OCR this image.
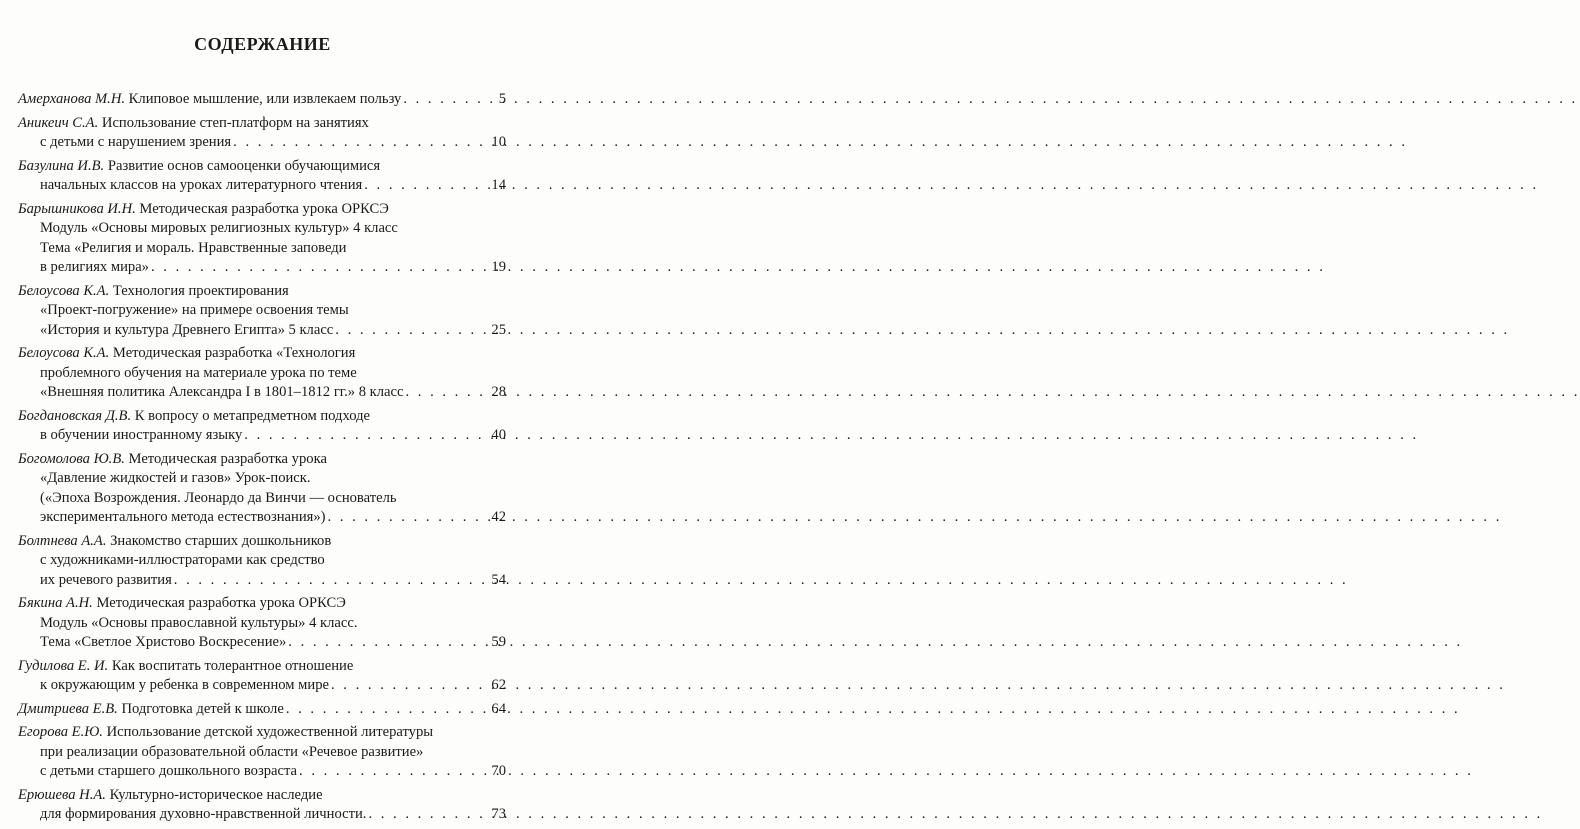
СОДЕРЖАНИЕ
Амерханова М.Н. Клиповое мышление, или извлекаем пользу . . .	5
Аникеич С.А. Использование степ-платформ на занятиях
с детьми с нарушением зрения . . .	10
Базулина И.В. Развитие основ самооценки обучающимися
начальных классов на уроках литературного чтения . . .	14
Барышникова И.Н. Методическая разработка урока ОРКСЭ
Модуль «Основы мировых религиозных культур» 4 класс
Тема «Религия и мораль. Нравственные заповеди
в религиях мира» . . .	19
Белоусова К.А. Технология проектирования
«Проект-погружение» на примере освоения темы
«История и культура Древнего Египта» 5 класс . . .	25
Белоусова К.А. Методическая разработка «Технология
проблемного обучения на материале урока по теме
«Внешняя политика Александра I в 1801–1812 гг.» 8 класс . . .	28
Богдановская Д.В. К вопросу о метапредметном подходе
в обучении иностранному языку . . .	40
Богомолова Ю.В. Методическая разработка урока
«Давление жидкостей и газов» Урок-поиск.
(«Эпоха Возрождения. Леонардо да Винчи — основатель
экспериментального метода естествознания») . . .	42
Болтнева А.А. Знакомство старших дошкольников
с художниками-иллюстраторами как средство
их речевого развития . . .	54
Бякина А.Н. Методическая разработка урока ОРКСЭ
Модуль «Основы православной культуры» 4 класс.
Тема «Светлое Христово Воскресение» . . .	59
Гудилова Е. И. Как воспитать толерантное отношение
к окружающим у ребенка в современном мире . . .	62
Дмитриева Е.В. Подготовка детей к школе . . .	64
Егорова Е.Ю. Использование детской художественной литературы
при реализации образовательной области «Речевое развитие»
с детьми старшего дошкольного возраста . . .	70
Ерюшева Н.А. Культурно-историческое наследие
для формирования духовно-нравственной личности. . . .	73
